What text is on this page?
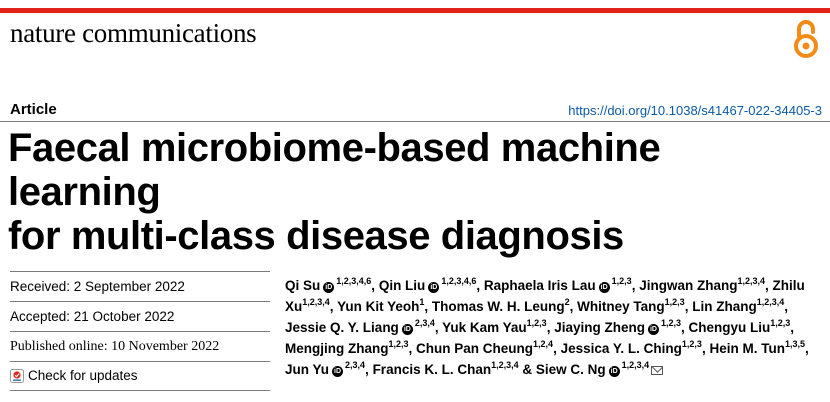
nature communications
Article	https://doi.org/10.1038/s41467-022-34405-3
Faecal microbiome-based machine learning
for multi-class disease diagnosis
Received: 2 September 2022
Accepted: 21 October 2022
Published online: 10 November 2022
Check for updates
Qi Su iD$^{1,2,3,4,6}$, Qin Liu iD$^{1,2,3,4,6}$, Raphaela Iris Lau iD$^{1,2,3}$, Jingwan Zhang$^{1,2,3,4}$, Zhilu Xu$^{1,2,3,4}$, Yun Kit Yeoh$^1$, Thomas W. H. Leung$^2$, Whitney Tang$^{1,2,3}$, Lin Zhang$^{1,2,3,4}$, Jessie Q. Y. Liang iD$^{2,3,4}$, Yuk Kam Yau$^{1,2,3}$, Jiaying Zheng iD$^{1,2,3}$, Chengyu Liu$^{1,2,3}$, Mengjing Zhang$^{1,2,3}$, Chun Pan Cheung$^{1,2,4}$, Jessica Y. L. Ching$^{1,2,3}$, Hein M. Tun$^{1,3,5}$, Jun Yu iD$^{2,3,4}$, Francis K. L. Chan$^{1,2,3,4}$ & Siew C. Ng iD$^{1,2,3,4}$
